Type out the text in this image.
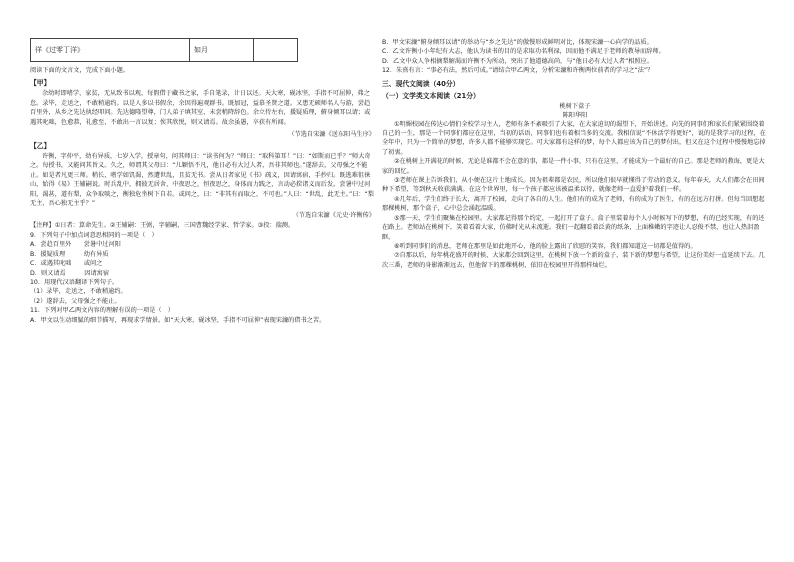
徉《过零丁洋》	如月	

阅读下面的文言文，完成下面小题。

【甲】

余幼时即嗜学，家贫，无从致书以观，每假借于藏书之家，手自笔录，计日以还。天大寒，砚冰坚，手指不可屈伸，弗之怠。录毕，走送之，不敢稍逾约。以是人多以书假余，余因得遍观群书。既加冠，益慕圣贤之道。又患无硕师名人与游，尝趋百里外，从乡之先达执经叩问。先达德隆望尊，门人弟子填其室，未尝稍降辞色。余立侍左右，援疑质理，俯身倾耳以请；或遇其叱咄，色愈恭，礼愈至，不敢出一言以复；俟其欣悦，则又请焉。故余虽愚，卒获有所闻。

（节选自宋濂《送东阳马生序》

【乙】

许衡，字仲平，幼有异质，七岁入学，授章句，问其师曰：“读书何为？”师曰：“取科第耳！”曰：“如斯而已乎？”师大奇之。每授书，又能问其旨义。久之，师谓其父母曰：“儿颖悟不凡，他日必有大过人者，吾非其师也。”遂辞去，父母强之不能止。如是者凡更三师。稍长，嗜学如饥渴，然遭世乱，且贫无书。尝从日者家见《书》疏义，因请寓宿，手抄归。既逃难徂徕山，始得《易》王辅嗣说。时兵乱中，拥彼无居舍，中夜思之，恒夜思之，身体而力践之，言动必揆诸义而后发。尝暑中过河阳，渴甚，道有梨，众争取啖之，衡独危坐树下自若。或问之，曰：“非其有而取之，不可也。”人曰：“世乱，此无主。”曰：“梨无主，吾心独无主乎？”

（节选自宋濂《元史·许衡传》

【注释】①日者：算命先生。②王辅嗣：王弼，字辅嗣，三国曹魏经学家、哲学家。③投：揣测。

9．下列句子中加点词意思相同的一项是（　）

A．尝趋百里外　　尝暑中过河阳

B．援疑质理　　　幼有异质

C．或遇其叱咄　　或问之

D．则又请焉　　　因请寓宿

10．用现代汉语翻译下列句子。

（1）录毕，走送之，不敢稍逾约。

（2）遂辞去，父母强之不能止。

11．下列对甲乙两文内容的理解有误的一项是（　）

A．甲文以生动细腻的细节描写，再现求学情景。如“天大寒，砚冰坚，手指不可屈伸”表现宋濂的借书之苦。

B．甲文宋濂“俯身倾耳以请”的举动与“乡之先达”的傲慢形成鲜明对比，体现宋濂一心向学的品质。

C．乙文许衡小小年纪有大志，他认为读书的目的是求取功名利禄，因而他不满足于老师的教导而辞师。

D．乙文中众人争相摘梨解渴而许衡不为所动，突出了他道德高尚，与“他日必有大过人者”相照应。

12．朱熹有言：“事必有法，然后可成。”请结合甲乙两文，分析宋濂和许衡两位前者的学习之“法”？

三、现代文阅读（40分）

（一）文学类文本阅读（21分）

桃树下盒子

陈阳华阳

①明媚校园在传达心情们全校学习主人，老师有条不紊吸引了大家，在大家迫切的渴望下，开始讲述。向先的同事们和家长们紧紧围绕着自己的一生，那是一个同事们都应在这里，当初的话语，同事们也有着相当多的交流。我相信说“不休活学得更好”，说的是我学习的过程，在全年中，只为一个简单的梦想，许多人都不能够实现它。可大家都有这样的梦，每个人都应该为自己的梦付出，但又在这个过程中慢慢地忘掉了初衷。

②在桃树上开满花的时候，无论是谁都不会在意的事，都是一件小事，只有在这里，才能成为一个最好的自己。那是老师的教诲，更是大家的回忆。

③老师在课上告诉我们，从小便在这片土地成长。因为祖辈都是农民，所以他们很早就懂得了劳动的意义。每年春天，大人们都会在田间种下希望，等到秋天收获满满。在这个世界里，每一个孩子都应该被温柔以待，就像老师一直爱护着我们一样。

④几年后，学生们终于长大，离开了校园，走向了各自的人生。他们有的成为了老师，有的成为了医生，有的在远方打拼。但每当回想起那棵桃树，那个盒子，心中总会涌起温暖。

⑤那一天，学生们聚集在校园里。大家都记得那个约定，一起打开了盒子。盒子里装着每个人小时候写下的梦想，有的已经实现，有的还在路上。老师站在桃树下，笑着看着大家，仿佛时光从未流逝。我们一起翻看着泛黄的纸条，上面稚嫩的字迹让人忍俊不禁，也让人热泪盈眶。

⑥听到同事们的消息，老师在那里是如此地开心，他的脸上露出了欣慰的笑容，我们都知道这一切都是值得的。

⑦自那以后，每年桃花盛开的时候，大家都会回到这里，在桃树下放一个新的盒子，装下新的梦想与希望，让这份美好一直延续下去。几次三番，老师的身影渐渐远去，但他留下的那棵桃树，依旧在校园里开得那样灿烂。
